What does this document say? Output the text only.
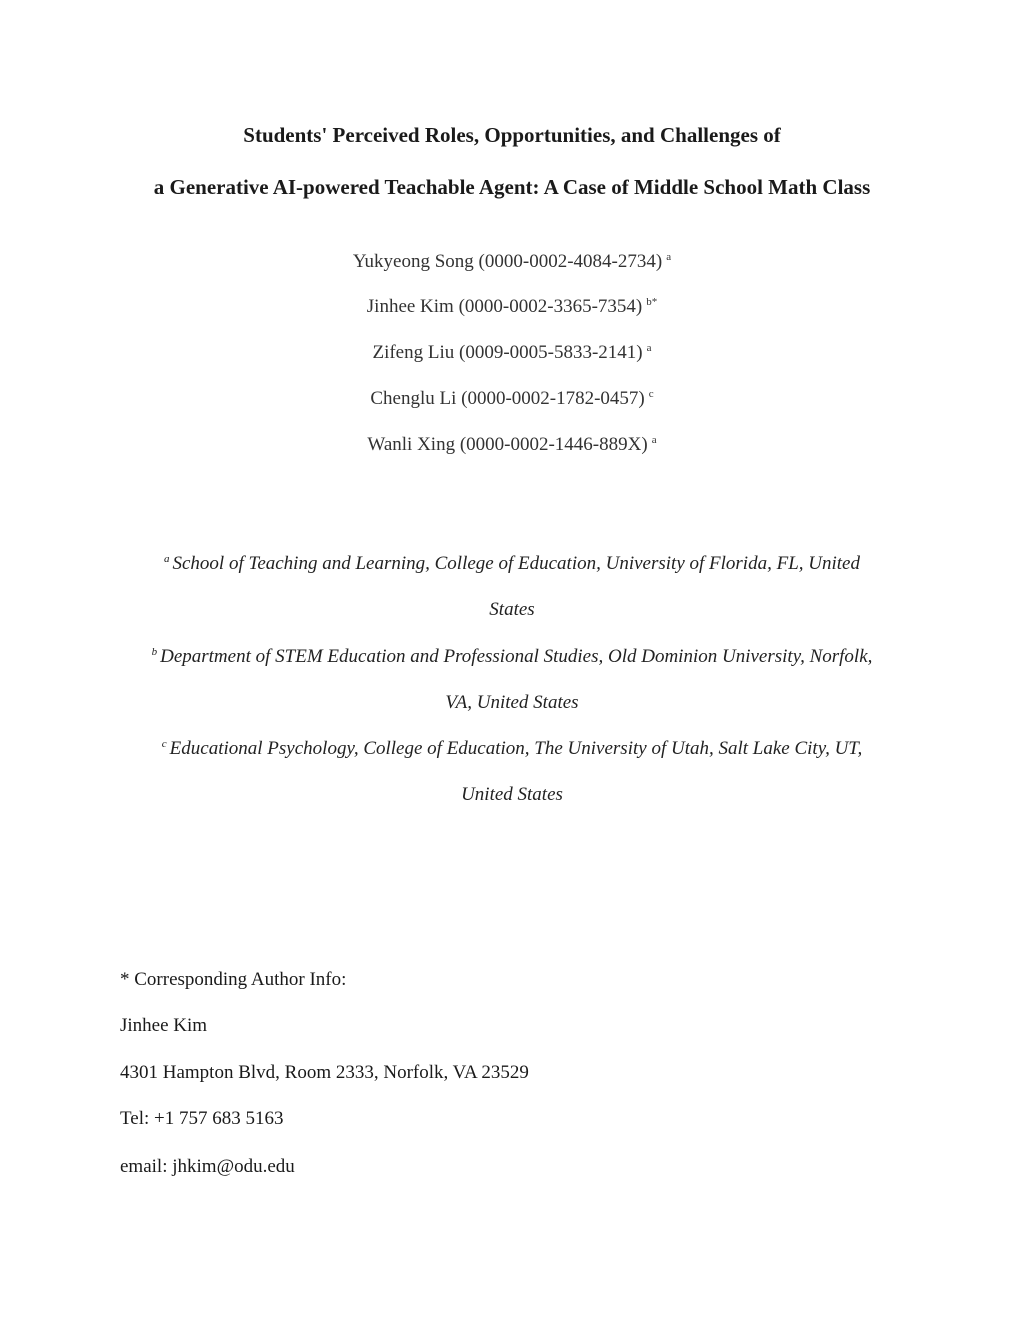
Students' Perceived Roles, Opportunities, and Challenges of
a Generative AI-powered Teachable Agent: A Case of Middle School Math Class
Yukyeong Song (0000-0002-4084-2734) $^a$
Jinhee Kim (0000-0002-3365-7354) $^{b*}$
Zifeng Liu (0009-0005-5833-2141) $^a$
Chenglu Li (0000-0002-1782-0457) $^c$
Wanli Xing (0000-0002-1446-889X) $^a$
$^a$ School of Teaching and Learning, College of Education, University of Florida, FL, United
States
$^b$ Department of STEM Education and Professional Studies, Old Dominion University, Norfolk,
VA, United States
$^c$ Educational Psychology, College of Education, The University of Utah, Salt Lake City, UT,
United States
* Corresponding Author Info:
Jinhee Kim
4301 Hampton Blvd, Room 2333, Norfolk, VA 23529
Tel: +1 757 683 5163
email: jhkim@odu.edu
